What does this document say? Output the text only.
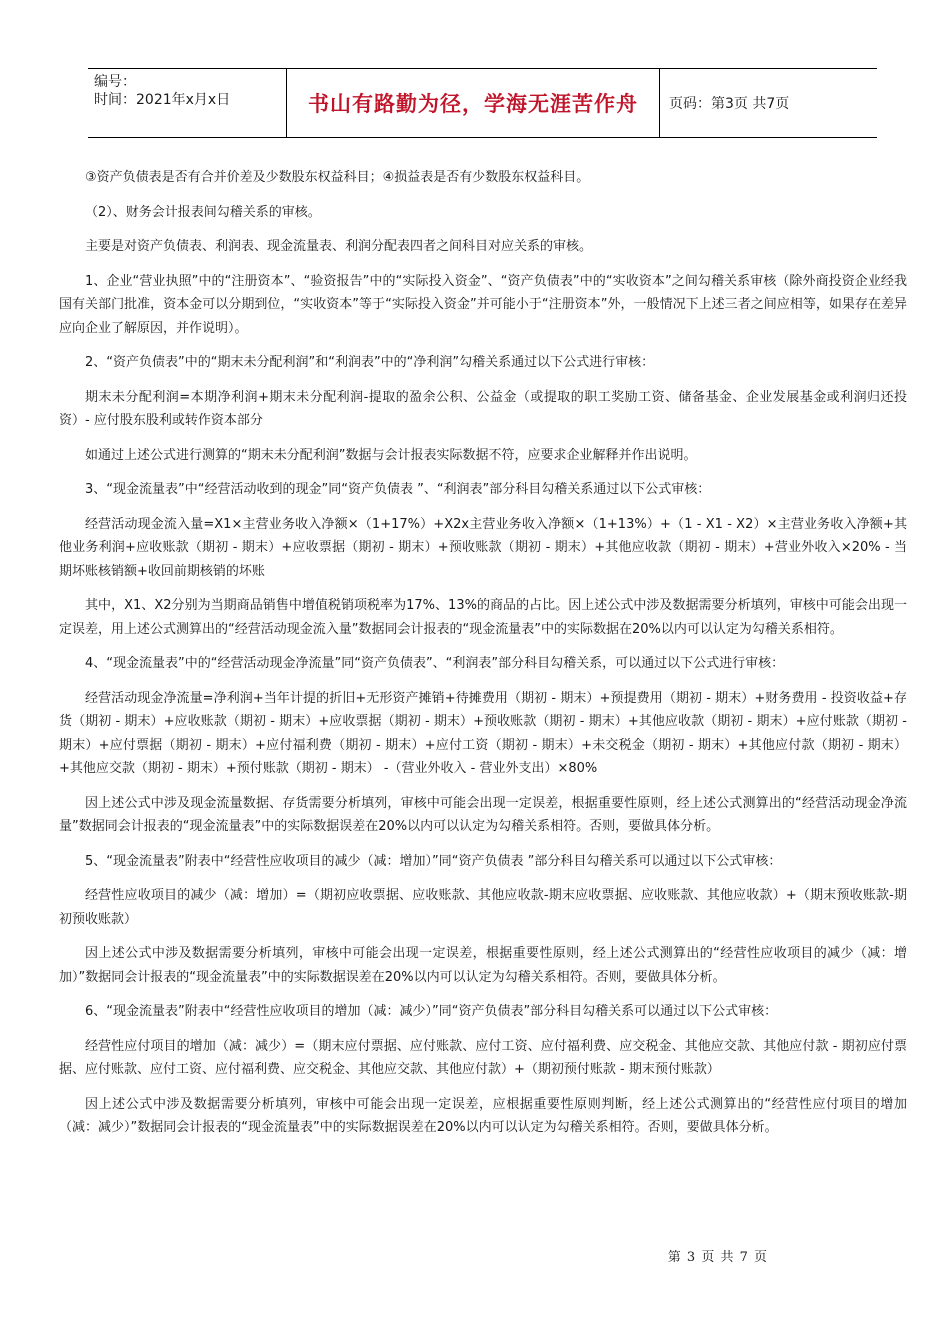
编号：
时间：2021年x月x日	书山有路勤为径，学海无涯苦作舟 页码：第3页 共7页

③资产负债表是否有合并价差及少数股东权益科目；④损益表是否有少数股东权益科目。

（2）、财务会计报表间勾稽关系的审核。

主要是对资产负债表、利润表、现金流量表、利润分配表四者之间科目对应关系的审核。

1、企业“营业执照”中的“注册资本”、“验资报告”中的“实际投入资金”、“资产负债表”中的“实收资本”之间勾稽关系审核（除外商投资企业经我国有关部门批准，资本金可以分期到位，“实收资本”等于“实际投入资金”并可能小于“注册资本”外，一般情况下上述三者之间应相等，如果存在差异应向企业了解原因，并作说明）。

2、“资产负债表”中的“期末未分配利润”和“利润表”中的“净利润”勾稽关系通过以下公式进行审核：

期末未分配利润=本期净利润+期末未分配利润-提取的盈余公积、公益金（或提取的职工奖励工资、储备基金、企业发展基金或利润归还投资）- 应付股东股利或转作资本部分

如通过上述公式进行测算的“期末未分配利润”数据与会计报表实际数据不符，应要求企业解释并作出说明。

3、“现金流量表”中“经营活动收到的现金”同“资产负债表 ”、“利润表”部分科目勾稽关系通过以下公式审核：

经营活动现金流入量=X1×主营业务收入净额×（1+17%）+X2x主营业务收入净额×（1+13%）+（1 - X1 - X2）×主营业务收入净额+其他业务利润+应收账款（期初 - 期末）+应收票据（期初 - 期末）+预收账款（期初 - 期末）+其他应收款（期初 - 期末）+营业外收入×20% - 当期坏账核销额+收回前期核销的坏账

其中，X1、X2分别为当期商品销售中增值税销项税率为17%、13%的商品的占比。因上述公式中涉及数据需要分析填列，审核中可能会出现一定误差，用上述公式测算出的“经营活动现金流入量”数据同会计报表的“现金流量表”中的实际数据在20%以内可以认定为勾稽关系相符。

4、“现金流量表”中的“经营活动现金净流量”同“资产负债表”、“利润表”部分科目勾稽关系，可以通过以下公式进行审核：

经营活动现金净流量=净利润+当年计提的折旧+无形资产摊销+待摊费用（期初 - 期末）+预提费用（期初 - 期末）+财务费用 - 投资收益+存货（期初 - 期末）+应收账款（期初 - 期末）+应收票据（期初 - 期末）+预收账款（期初 - 期末）+其他应收款（期初 - 期末）+应付账款（期初 - 期末）+应付票据（期初 - 期末）+应付福利费（期初 - 期末）+应付工资（期初 - 期末）+未交税金（期初 - 期末）+其他应付款（期初 - 期末）+其他应交款（期初 - 期末）+预付账款（期初 - 期末） -（营业外收入 - 营业外支出）×80%

因上述公式中涉及现金流量数据、存货需要分析填列，审核中可能会出现一定误差，根据重要性原则，经上述公式测算出的“经营活动现金净流量”数据同会计报表的“现金流量表”中的实际数据误差在20%以内可以认定为勾稽关系相符。否则，要做具体分析。

5、“现金流量表”附表中“经营性应收项目的减少（减：增加）”同“资产负债表 ”部分科目勾稽关系可以通过以下公式审核：

经营性应收项目的减少（减：增加）=（期初应收票据、应收账款、其他应收款-期末应收票据、应收账款、其他应收款）+（期末预收账款-期初预收账款）

因上述公式中涉及数据需要分析填列，审核中可能会出现一定误差，根据重要性原则，经上述公式测算出的“经营性应收项目的减少（减：增加）”数据同会计报表的“现金流量表”中的实际数据误差在20%以内可以认定为勾稽关系相符。否则，要做具体分析。

6、“现金流量表”附表中“经营性应收项目的增加（减：减少）”同“资产负债表”部分科目勾稽关系可以通过以下公式审核：

经营性应付项目的增加（减：减少）=（期末应付票据、应付账款、应付工资、应付福利费、应交税金、其他应交款、其他应付款 - 期初应付票据、应付账款、应付工资、应付福利费、应交税金、其他应交款、其他应付款）+（期初预付账款 - 期末预付账款）

因上述公式中涉及数据需要分析填列，审核中可能会出现一定误差，应根据重要性原则判断，经上述公式测算出的“经营性应付项目的增加（减：减少）”数据同会计报表的“现金流量表”中的实际数据误差在20%以内可以认定为勾稽关系相符。否则，要做具体分析。

第 3 页 共 7 页
